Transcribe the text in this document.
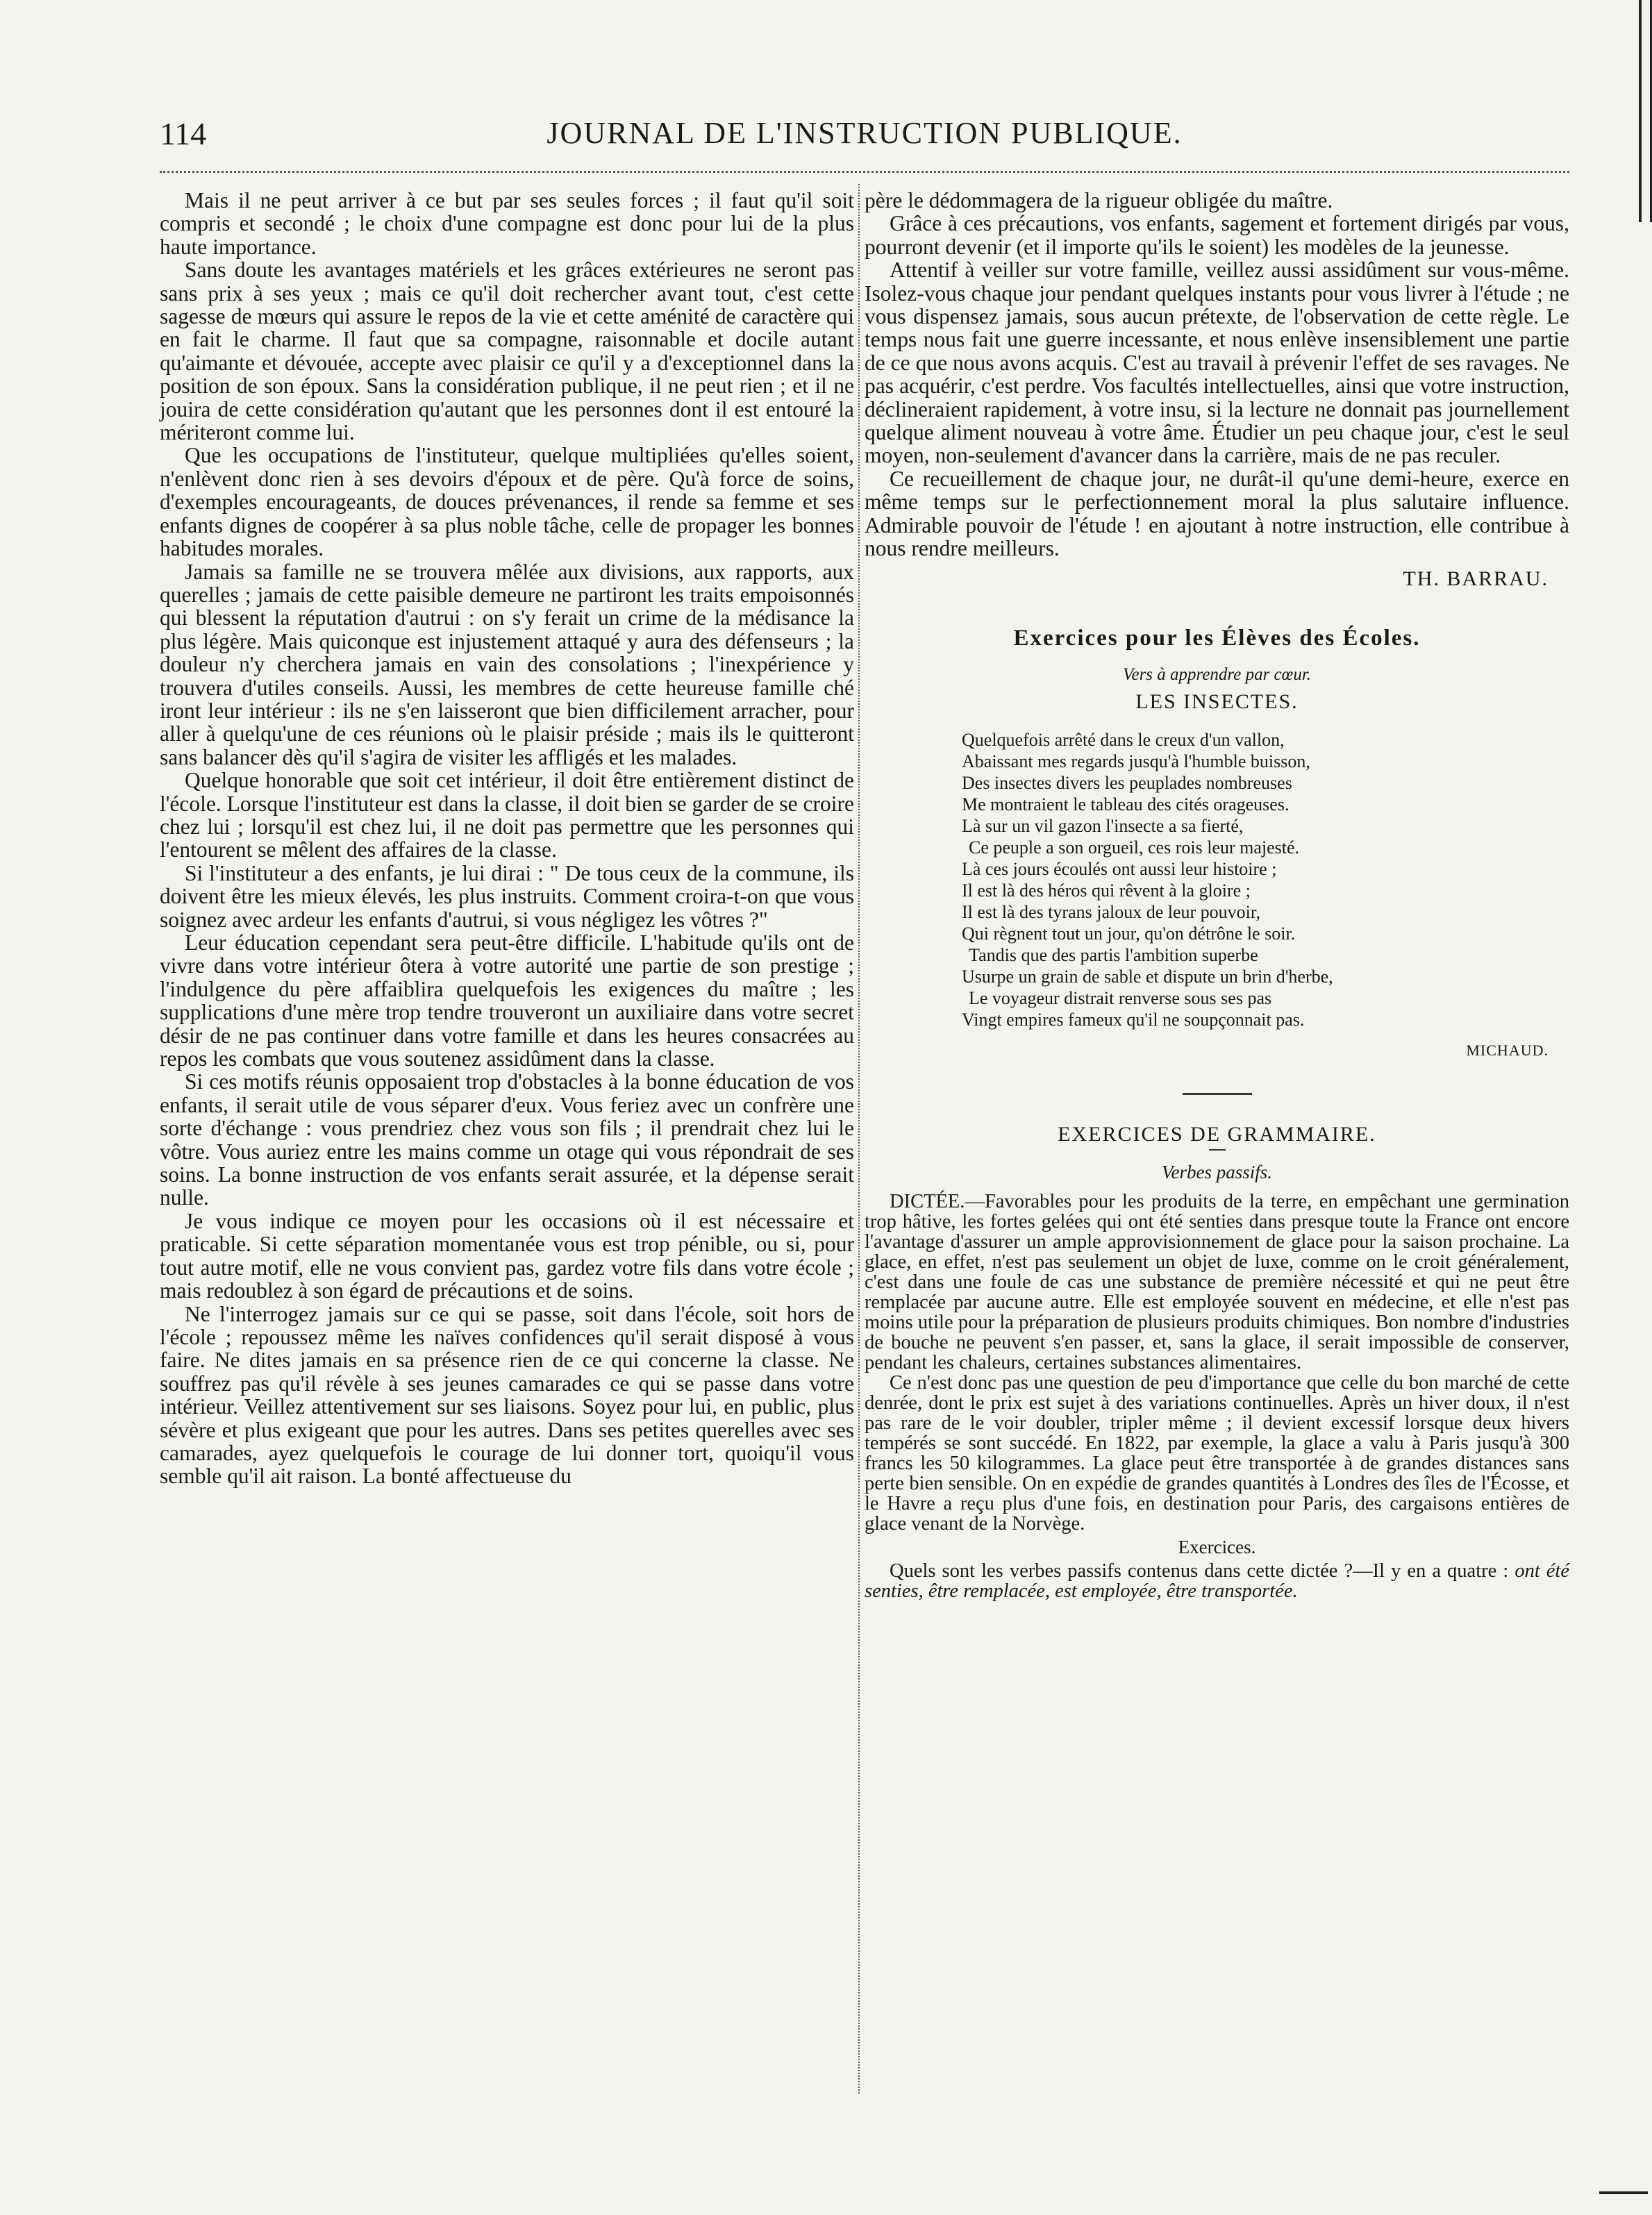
114	JOURNAL DE L'INSTRUCTION PUBLIQUE.

Mais il ne peut arriver à ce but par ses seules forces ; il faut qu'il soit compris et secondé ; le choix d'une compagne est donc pour lui de la plus haute importance.

Sans doute les avantages matériels et les grâces extérieures ne seront pas sans prix à ses yeux ; mais ce qu'il doit rechercher avant tout, c'est cette sagesse de mœurs qui assure le repos de la vie et cette aménité de caractère qui en fait le charme. Il faut que sa compagne, raisonnable et docile autant qu'aimante et dévouée, accepte avec plaisir ce qu'il y a d'exceptionnel dans la position de son époux. Sans la considération publique, il ne peut rien ; et il ne jouira de cette considération qu'autant que les personnes dont il est entouré la mériteront comme lui.

Que les occupations de l'instituteur, quelque multipliées qu'elles soient, n'enlèvent donc rien à ses devoirs d'époux et de père. Qu'à force de soins, d'exemples encourageants, de douces prévenances, il rende sa femme et ses enfants dignes de coopérer à sa plus noble tâche, celle de propager les bonnes habitudes morales.

Jamais sa famille ne se trouvera mêlée aux divisions, aux rapports, aux querelles ; jamais de cette paisible demeure ne partiront les traits empoisonnés qui blessent la réputation d'autrui : on s'y ferait un crime de la médisance la plus légère. Mais quiconque est injustement attaqué y aura des défenseurs ; la douleur n'y cherchera jamais en vain des consolations ; l'inexpérience y trouvera d'utiles conseils. Aussi, les membres de cette heureuse famille ché iront leur intérieur : ils ne s'en laisseront que bien difficilement arracher, pour aller à quelqu'une de ces réunions où le plaisir préside ; mais ils le quitteront sans balancer dès qu'il s'agira de visiter les affligés et les malades.

Quelque honorable que soit cet intérieur, il doit être entièrement distinct de l'école. Lorsque l'instituteur est dans la classe, il doit bien se garder de se croire chez lui ; lorsqu'il est chez lui, il ne doit pas permettre que les personnes qui l'entourent se mêlent des affaires de la classe.

Si l'instituteur a des enfants, je lui dirai : " De tous ceux de la commune, ils doivent être les mieux élevés, les plus instruits. Comment croira-t-on que vous soignez avec ardeur les enfants d'autrui, si vous négligez les vôtres ?"

Leur éducation cependant sera peut-être difficile. L'habitude qu'ils ont de vivre dans votre intérieur ôtera à votre autorité une partie de son prestige ; l'indulgence du père affaiblira quelquefois les exigences du maître ; les supplications d'une mère trop tendre trouveront un auxiliaire dans votre secret désir de ne pas continuer dans votre famille et dans les heures consacrées au repos les combats que vous soutenez assidûment dans la classe.

Si ces motifs réunis opposaient trop d'obstacles à la bonne éducation de vos enfants, il serait utile de vous séparer d'eux. Vous feriez avec un confrère une sorte d'échange : vous prendriez chez vous son fils ; il prendrait chez lui le vôtre. Vous auriez entre les mains comme un otage qui vous répondrait de ses soins. La bonne instruction de vos enfants serait assurée, et la dépense serait nulle.

Je vous indique ce moyen pour les occasions où il est nécessaire et praticable. Si cette séparation momentanée vous est trop pénible, ou si, pour tout autre motif, elle ne vous convient pas, gardez votre fils dans votre école ; mais redoublez à son égard de précautions et de soins.

Ne l'interrogez jamais sur ce qui se passe, soit dans l'école, soit hors de l'école ; repoussez même les naïves confidences qu'il serait disposé à vous faire. Ne dites jamais en sa présence rien de ce qui concerne la classe. Ne souffrez pas qu'il révèle à ses jeunes camarades ce qui se passe dans votre intérieur. Veillez attentivement sur ses liaisons. Soyez pour lui, en public, plus sévère et plus exigeant que pour les autres. Dans ses petites querelles avec ses camarades, ayez quelquefois le courage de lui donner tort, quoiqu'il vous semble qu'il ait raison. La bonté affectueuse du

père le dédommagera de la rigueur obligée du maître.

Grâce à ces précautions, vos enfants, sagement et fortement dirigés par vous, pourront devenir (et il importe qu'ils le soient) les modèles de la jeunesse.

Attentif à veiller sur votre famille, veillez aussi assidûment sur vous-même. Isolez-vous chaque jour pendant quelques instants pour vous livrer à l'étude ; ne vous dispensez jamais, sous aucun prétexte, de l'observation de cette règle. Le temps nous fait une guerre incessante, et nous enlève insensiblement une partie de ce que nous avons acquis. C'est au travail à prévenir l'effet de ses ravages. Ne pas acquérir, c'est perdre. Vos facultés intellectuelles, ainsi que votre instruction, déclineraient rapidement, à votre insu, si la lecture ne donnait pas journellement quelque aliment nouveau à votre âme. Étudier un peu chaque jour, c'est le seul moyen, non-seulement d'avancer dans la carrière, mais de ne pas reculer.

Ce recueillement de chaque jour, ne durât-il qu'une demi-heure, exerce en même temps sur le perfectionnement moral la plus salutaire influence. Admirable pouvoir de l'étude ! en ajoutant à notre instruction, elle contribue à nous rendre meilleurs.

TH. BARRAU.
Exercices pour les Élèves des Écoles.
Vers à apprendre par cœur.
LES INSECTES.
Quelquefois arrêté dans le creux d'un vallon,
Abaissant mes regards jusqu'à l'humble buisson,
Des insectes divers les peuplades nombreuses
Me montraient le tableau des cités orageuses.
Là sur un vil gazon l'insecte a sa fierté,
Ce peuple a son orgueil, ces rois leur majesté.
Là ces jours écoulés ont aussi leur histoire ;
Il est là des héros qui rêvent à la gloire ;
Il est là des tyrans jaloux de leur pouvoir,
Qui règnent tout un jour, qu'on détrône le soir.
Tandis que des partis l'ambition superbe
Usurpe un grain de sable et dispute un brin d'herbe,
Le voyageur distrait renverse sous ses pas
Vingt empires fameux qu'il ne soupçonnait pas.
MICHAUD.
EXERCICES DE GRAMMAIRE.
Verbes passifs.

DICTÉE.—Favorables pour les produits de la terre, en empêchant une germination trop hâtive, les fortes gelées qui ont été senties dans presque toute la France ont encore l'avantage d'assurer un ample approvisionnement de glace pour la saison prochaine. La glace, en effet, n'est pas seulement un objet de luxe, comme on le croit généralement, c'est dans une foule de cas une substance de première nécessité et qui ne peut être remplacée par aucune autre. Elle est employée souvent en médecine, et elle n'est pas moins utile pour la préparation de plusieurs produits chimiques. Bon nombre d'industries de bouche ne peuvent s'en passer, et, sans la glace, il serait impossible de conserver, pendant les chaleurs, certaines substances alimentaires.

Ce n'est donc pas une question de peu d'importance que celle du bon marché de cette denrée, dont le prix est sujet à des variations continuelles. Après un hiver doux, il n'est pas rare de le voir doubler, tripler même ; il devient excessif lorsque deux hivers tempérés se sont succédé. En 1822, par exemple, la glace a valu à Paris jusqu'à 300 francs les 50 kilogrammes. La glace peut être transportée à de grandes distances sans perte bien sensible. On en expédie de grandes quantités à Londres des îles de l'Écosse, et le Havre a reçu plus d'une fois, en destination pour Paris, des cargaisons entières de glace venant de la Norvège.

Exercices.

Quels sont les verbes passifs contenus dans cette dictée ?—Il y en a quatre : ont été senties, être remplacée, est employée, être transportée.
